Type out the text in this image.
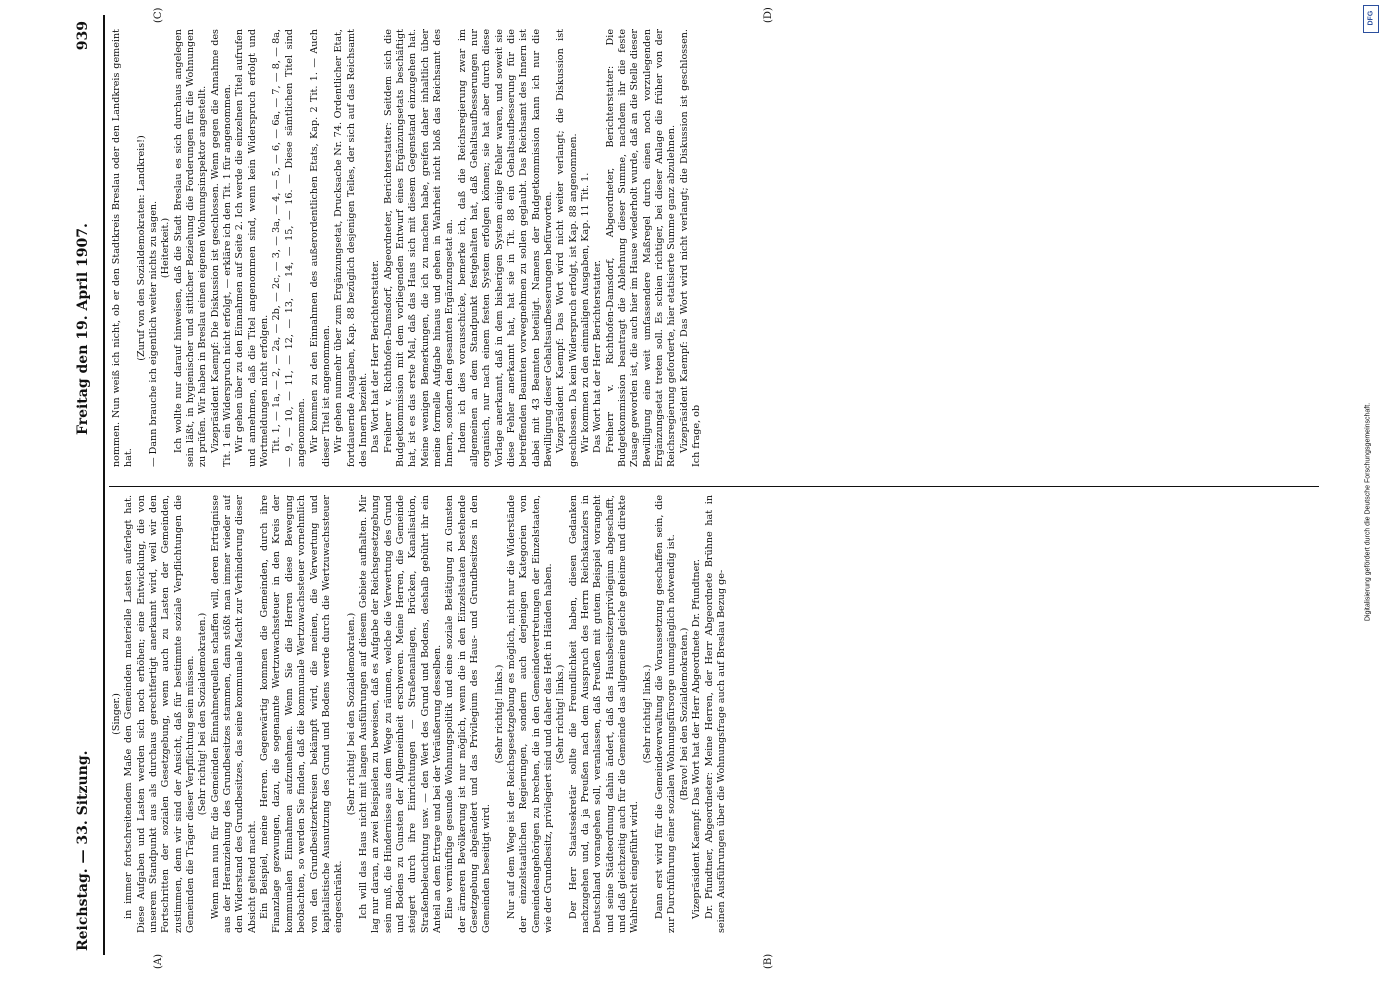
Reichstag. — 33. Sitzung.
Freitag den 19. April 1907.
939

(Singer.) in immer fortschreitendem Maße den Gemeinden materielle Lasten auferlegt hat. Diese Aufgaben und Lasten werden sich noch erhöhen; eine Entwicklung, die von unserem Standpunkt aus als durchaus gerechtfertigt anerkannt wird, weil wir den Fortschritten der sozialen Gesetzgebung, wenn auch zu Lasten der Gemeinden, zustimmen, denn wir sind der Ansicht, daß für bestimmte soziale Verpflichtungen die Gemeinden die Träger dieser Verpflichtung sein müssen. (Sehr richtig! bei den Sozialdemokraten.) Wenn man nun für die Gemeinden Einnahmequellen schaffen will, deren Erträgnisse aus der Heranziehung des Grundbesitzes stammen, dann stößt man immer wieder auf den Widerstand des Grundbesitzes, das seine kommunale Macht zur Verhinderung dieser Absicht geltend macht. Ein Beispiel, meine Herren. Gegenwärtig kommen die Gemeinden, durch ihre Finanzlage gezwungen, dazu, die sogenannte Wertzuwachssteuer in den Kreis der kommunalen Einnahmen aufzunehmen. Wenn Sie die Herren diese Bewegung beobachten, so werden Sie finden, daß die kommunale Wertzuwachssteuer vornehmlich von den Grundbesitzerkreisen bekämpft wird, die meinen, die Verwertung und kapitalistische Ausnutzung des Grund und Bodens werde durch die Wertzuwachssteuer eingeschränkt.

(Sehr richtig! bei den Sozialdemokraten.) Ich will das Haus nicht mit langen Ausführungen auf diesem Gebiete aufhalten. Mir lag nur daran, an zwei Beispielen zu beweisen, daß es Aufgabe der Reichsgesetzgebung sein muß, die Hindernisse aus dem Wege zu räumen, welche die Verwertung des Grund und Bodens zu Gunsten der Allgemeinheit erschweren. Meine Herren, die Gemeinde steigert durch ihre Einrichtungen — Straßenanlagen, Brücken, Kanalisation, Straßenbeleuchtung usw. — den Wert des Grund und Bodens, deshalb gebührt ihr ein Anteil an dem Ertrage und bei der Veräußerung desselben. Eine vernünftige gesunde Wohnungspolitik und eine soziale Betätigung zu Gunsten der ärmeren Bevölkerung ist nur möglich, wenn die in den Einzelstaaten bestehende Gesetzgebung abgeändert und das Privilegium des Haus- und Grundbesitzes in den Gemeinden beseitigt wird.

(Sehr richtig! links.) Nur auf dem Wege ist der Reichsgesetzgebung es möglich, nicht nur die Widerstände der einzelstaatlichen Regierungen, sondern auch derjenigen Kategorien von Gemeindeangehörigen zu brechen, die in den Gemeindevertretungen der Einzelstaaten, wie der Grundbesitz, privilegiert sind und daher das Heft in Händen haben. (Sehr richtig! links.) Der Herr Staatssekretär sollte die Freundlichkeit haben, diesen Gedanken nachzugehen und, da ja Preußen nach dem Ausspruch des Herrn Reichskanzlers in Deutschland vorangehen soll, veranlassen, daß Preußen mit gutem Beispiel vorangeht und seine Städteordnung dahin ändert, daß das Hausbesitzerprivilegium abgeschafft, und daß gleichzeitig auch für die Gemeinde das allgemeine gleiche geheime und direkte Wahlrecht eingeführt wird.

(Sehr richtig! links.) Dann erst wird für die Gemeindeverwaltung die Voraussetzung geschaffen sein, die zur Durchführung einer sozialen Wohnungsfürsorge unumgänglich notwendig ist. (Bravo! bei den Sozialdemokraten.) Vizepräsident Kaempf: Das Wort hat der Herr Abgeordnete Dr. Pfundtner. Dr. Pfundtner, Abgeordneter: Meine Herren, der Herr Abgeordnete Brühne hat in seinen Ausführungen über die Wohnungsfrage auch auf Breslau Bezug ge-

nommen. Nun weiß ich nicht, ob er den Stadtkreis Breslau oder den Landkreis gemeint hat.

(Zuruf von den Sozialdemokraten: Landkreis!) — Dann brauche ich eigentlich weiter nichts zu sagen. (Heiterkeit.) Ich wollte nur darauf hinweisen, daß die Stadt Breslau es sich durchaus angelegen sein läßt, in hygienischer und sittlicher Beziehung die Forderungen für die Wohnungen zu prüfen. Wir haben in Breslau einen eigenen Wohnungsinspektor angestellt. Vizepräsident Kaempf: Die Diskussion ist geschlossen. Wenn gegen die Annahme des Tit. 1 ein Widerspruch nicht erfolgt, — erkläre ich den Tit. 1 für angenommen. Wir gehen über zu den Einnahmen auf Seite 2. Ich werde die einzelnen Titel aufrufen und annehmen, daß die Titel angenommen sind, wenn kein Widerspruch erfolgt und Wortmeldungen nicht erfolgen. Tit. 1, — 1a, — 2, — 2a, — 2b, — 2c, — 3, — 3a, — 4, — 5, — 6, — 6a, — 7, — 8, — 8a, — 9, — 10, — 11, — 12, — 13, — 14, — 15, — 16. — Diese sämtlichen Titel sind angenommen. Wir kommen zu den Einnahmen des außerordentlichen Etats, Kap. 2 Tit. 1. — Auch dieser Titel ist angenommen. Wir gehen nunmehr über zum Ergänzungsetat, Drucksache Nr. 74. Ordentlicher Etat, fortdauernde Ausgaben, Kap. 88 bezüglich desjenigen Teiles, der sich auf das Reichsamt des Innern bezieht. Das Wort hat der Herr Berichterstatter. Freiherr v. Richthofen-Damsdorf, Abgeordneter, Berichterstatter: Seitdem sich die Budgetkommission mit dem vorliegenden Entwurf eines Ergänzungsetats beschäftigt hat, ist es das erste Mal, daß das Haus sich mit diesem Gegenstand einzugehen hat. Meine wenigen Bemerkungen, die ich zu machen habe, greifen daher inhaltlich über meine formelle Aufgabe hinaus und gehen in Wahrheit nicht bloß das Reichsamt des Innern, sondern den gesamten Ergänzungsetat an. Indem ich dies vorausschicke, bemerke ich, daß die Reichsregierung zwar im allgemeinen an dem Standpunkt festgehalten hat, daß Gehaltsaufbesserungen nur organisch, nur nach einem festen System erfolgen können; sie hat aber durch diese Vorlage anerkannt, daß in dem bisherigen System einige Fehler waren, und soweit sie diese Fehler anerkannt hat, hat sie in Tit. 88 ein Gehaltsaufbesserung für die betreffenden Beamten vorwegnehmen zu sollen geglaubt. Das Reichsamt des Innern ist dabei mit 43 Beamten beteiligt. Namens der Budgetkommission kann ich nur die Bewilligung dieser Gehaltsaufbesserungen befürworten. Vizepräsident Kaempf: Das Wort wird nicht weiter verlangt; die Diskussion ist geschlossen. Da kein Widerspruch erfolgt, ist Kap. 88 angenommen. Wir kommen zu den einmaligen Ausgaben, Kap. 11 Tit. 1. Das Wort hat der Herr Berichterstatter. Freiherr v. Richthofen-Damsdorf, Abgeordneter, Berichterstatter: Die Budgetkommission beantragt die Ablehnung dieser Summe, nachdem ihr die feste Zusage geworden ist, die auch hier im Hause wiederholt wurde, daß an die Stelle dieser Bewilligung eine weit umfassendere Maßregel durch einen noch vorzulegenden Ergänzungsetat treten soll. Es schien richtiger, bei dieser Anlage die früher von der Reichsregierung geforderte, hier etatisierte Summe ganz abzulehnen. Vizepräsident Kaempf: Das Wort wird nicht verlangt; die Diskussion ist geschlossen. Ich frage, ob

(A)	(B)
(C)	(D)
Digitalisierung gefördert durch die Deutsche Forschungsgemeinschaft.
DFG
